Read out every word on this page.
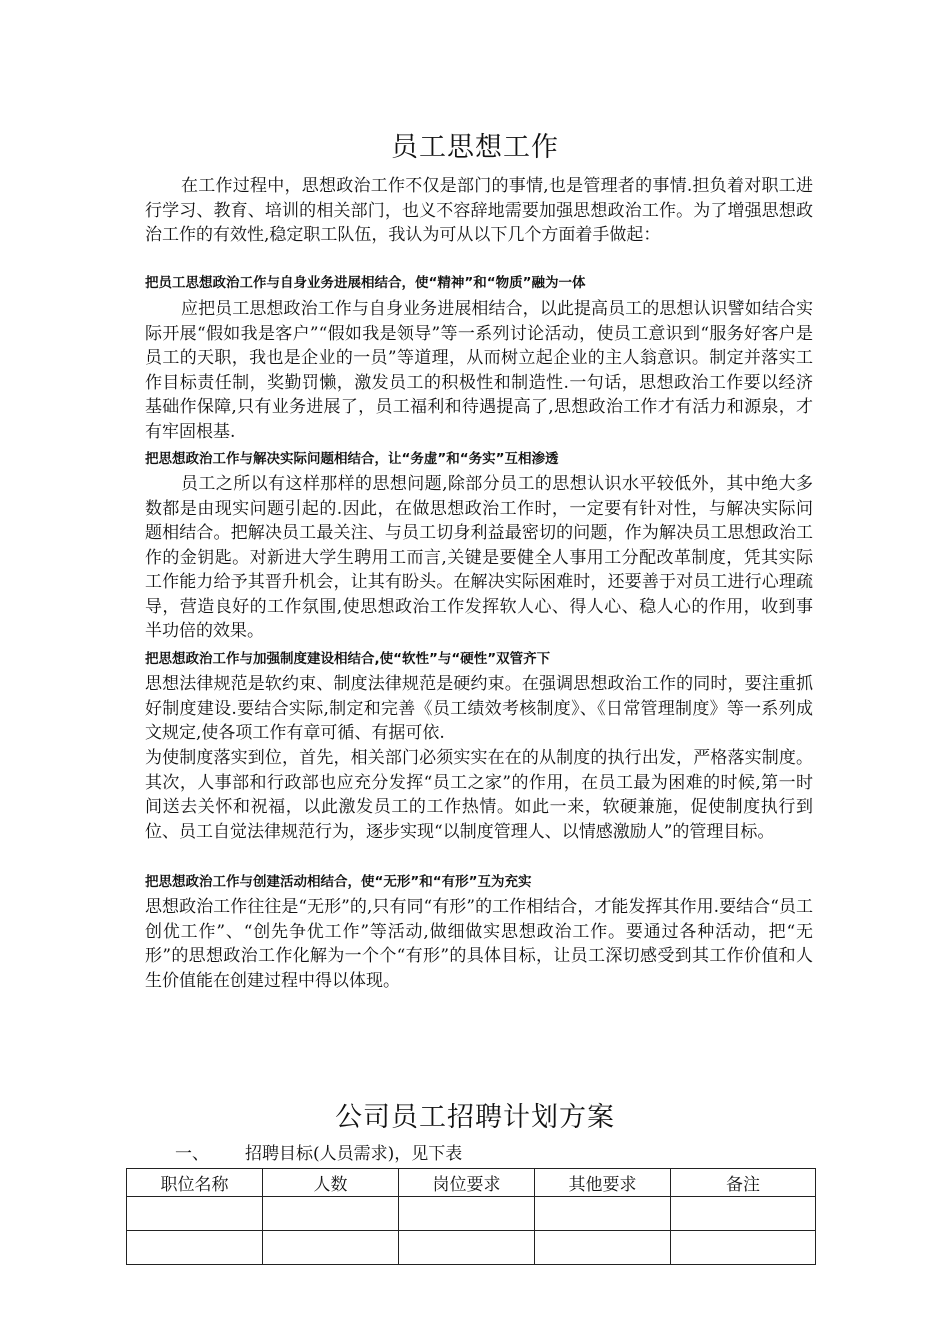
员工思想工作

在工作过程中，思想政治工作不仅是部门的事情,也是管理者的事情.担负着对职工进行学习、教育、培训的相关部门，也义不容辞地需要加强思想政治工作。为了增强思想政治工作的有效性,稳定职工队伍，我认为可从以下几个方面着手做起：

把员工思想政治工作与自身业务进展相结合，使“精神”和“物质”融为一体

应把员工思想政治工作与自身业务进展相结合，以此提高员工的思想认识譬如结合实际开展“假如我是客户”“假如我是领导”等一系列讨论活动，使员工意识到“服务好客户是员工的天职，我也是企业的一员”等道理，从而树立起企业的主人翁意识。制定并落实工作目标责任制，奖勤罚懒，激发员工的积极性和制造性.一句话，思想政治工作要以经济基础作保障,只有业务进展了，员工福利和待遇提高了,思想政治工作才有活力和源泉，才有牢固根基.

把思想政治工作与解决实际问题相结合，让“务虚”和“务实”互相渗透

员工之所以有这样那样的思想问题,除部分员工的思想认识水平较低外，其中绝大多数都是由现实问题引起的.因此，在做思想政治工作时，一定要有针对性，与解决实际问题相结合。把解决员工最关注、与员工切身利益最密切的问题，作为解决员工思想政治工作的金钥匙。对新进大学生聘用工而言,关键是要健全人事用工分配改革制度，凭其实际工作能力给予其晋升机会，让其有盼头。在解决实际困难时，还要善于对员工进行心理疏导，营造良好的工作氛围,使思想政治工作发挥软人心、得人心、稳人心的作用，收到事半功倍的效果。

把思想政治工作与加强制度建设相结合,使“软性”与“硬性”双管齐下

思想法律规范是软约束、制度法律规范是硬约束。在强调思想政治工作的同时，要注重抓好制度建设.要结合实际,制定和完善《员工绩效考核制度》、《日常管理制度》等一系列成文规定,使各项工作有章可循、有据可依.

为使制度落实到位，首先，相关部门必须实实在在的从制度的执行出发，严格落实制度。其次，人事部和行政部也应充分发挥“员工之家”的作用，在员工最为困难的时候,第一时间送去关怀和祝福，以此激发员工的工作热情。如此一来，软硬兼施，促使制度执行到位、员工自觉法律规范行为，逐步实现“以制度管理人、以情感激励人”的管理目标。

把思想政治工作与创建活动相结合，使“无形”和“有形”互为充实

思想政治工作往往是“无形”的,只有同“有形”的工作相结合，才能发挥其作用.要结合“员工创优工作”、“创先争优工作”等活动,做细做实思想政治工作。要通过各种活动，把“无形”的思想政治工作化解为一个个“有形”的具体目标，让员工深切感受到其工作价值和人生价值能在创建过程中得以体现。

公司员工招聘计划方案
一、 招聘目标(人员需求)，见下表
职位名称	人数	岗位要求	其他要求	备注
